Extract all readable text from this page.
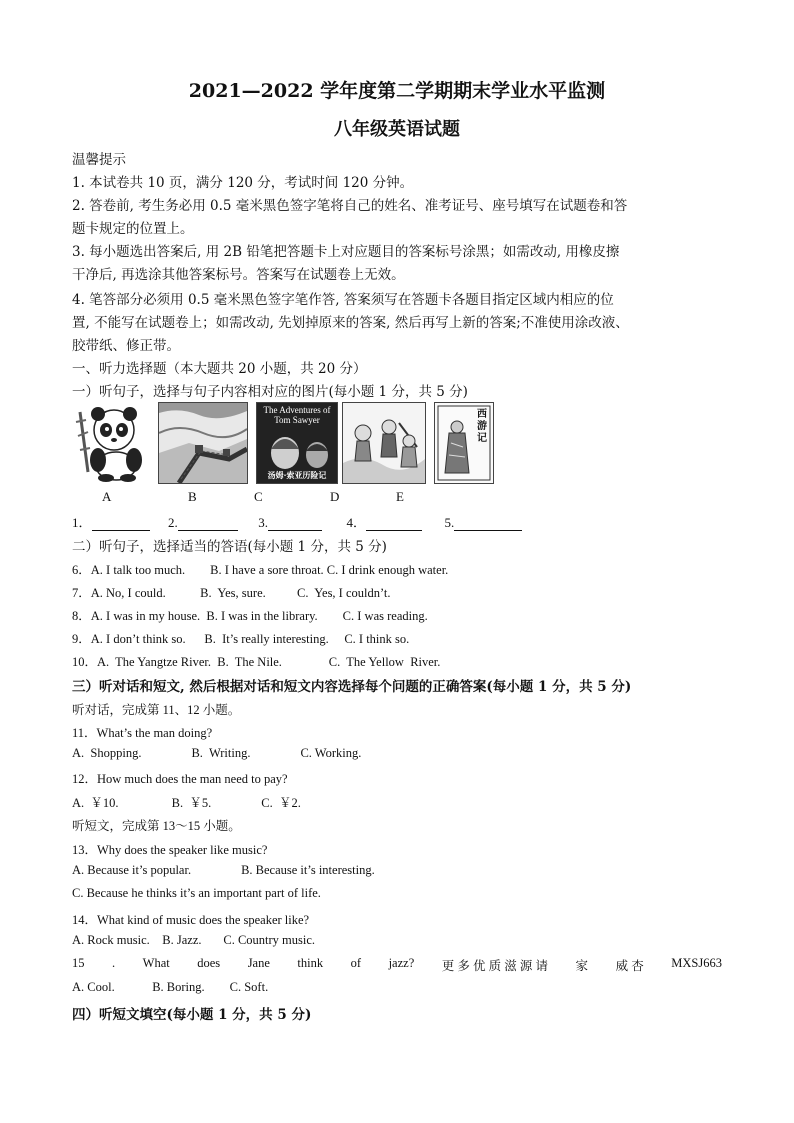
2021—2022 学年度第二学期期末学业水平监测
八年级英语试题
温馨提示
1. 本试卷共 10 页，满分 120 分，考试时间 120 分钟。
2. 答卷前, 考生务必用 0.5 毫米黑色签字笔将自己的姓名、准考证号、座号填写在试题卷和答
题卡规定的位置上。
3. 每小题选出答案后, 用 2B 铅笔把答题卡上对应题目的答案标号涂黑；如需改动, 用橡皮擦
干净后, 再选涂其他答案标号。答案写在试题卷上无效。
4. 笔答部分必须用 0.5 毫米黑色签字笔作答, 答案须写在答题卡各题目指定区域内相应的位
置, 不能写在试题卷上；如需改动, 先划掉原来的答案, 然后再写上新的答案;不准使用涂改液、
胶带纸、修正带。
一、听力选择题（本大题共 20 小题，共 20 分）
一）听句子，选择与句子内容相对应的图片(每小题 1 分，共 5 分)
The Adventures of Tom Sawyer
汤姆·索亚历险记
西游记
A	B	C	D	E
1．	2.	3.	4．	5.
二）听句子，选择适当的答语(每小题 1 分，共 5 分)
6．A. I talk too much.        B. I have a sore throat. C. I drink enough water.
7．A. No, I could.           B.  Yes, sure.          C.  Yes, I couldn’t.
8．A. I was in my house.  B. I was in the library.        C. I was reading.
9．A. I don’t think so.      B.  It’s really interesting.     C. I think so.
10．A.  The Yangtze River.  B.  The Nile.               C.  The Yellow  River.
三）听对话和短文, 然后根据对话和短文内容选择每个问题的正确答案(每小题 1 分，共 5 分)
听对话，完成第 11、12 小题。
11．What’s the man doing?
A.  Shopping.                B.  Writing.                C. Working.
12．How much does the man need to pay?
A.  ￥10.                 B.  ￥5.                C.  ￥2.
听短文，完成第 13～15 小题。
13．Why does the speaker like music?
A. Because it’s popular.                B. Because it’s interesting.
C. Because he thinks it’s an important part of life.
14．What kind of music does the speaker like?
A. Rock music.    B. Jazz.       C. Country music.
15 . What does Jane think of jazz? 更 多 优 质 滋 源 请 家 威 杏 MXSJ663
A. Cool.            B. Boring.        C. Soft.
四）听短文填空(每小题 1 分，共 5 分)
